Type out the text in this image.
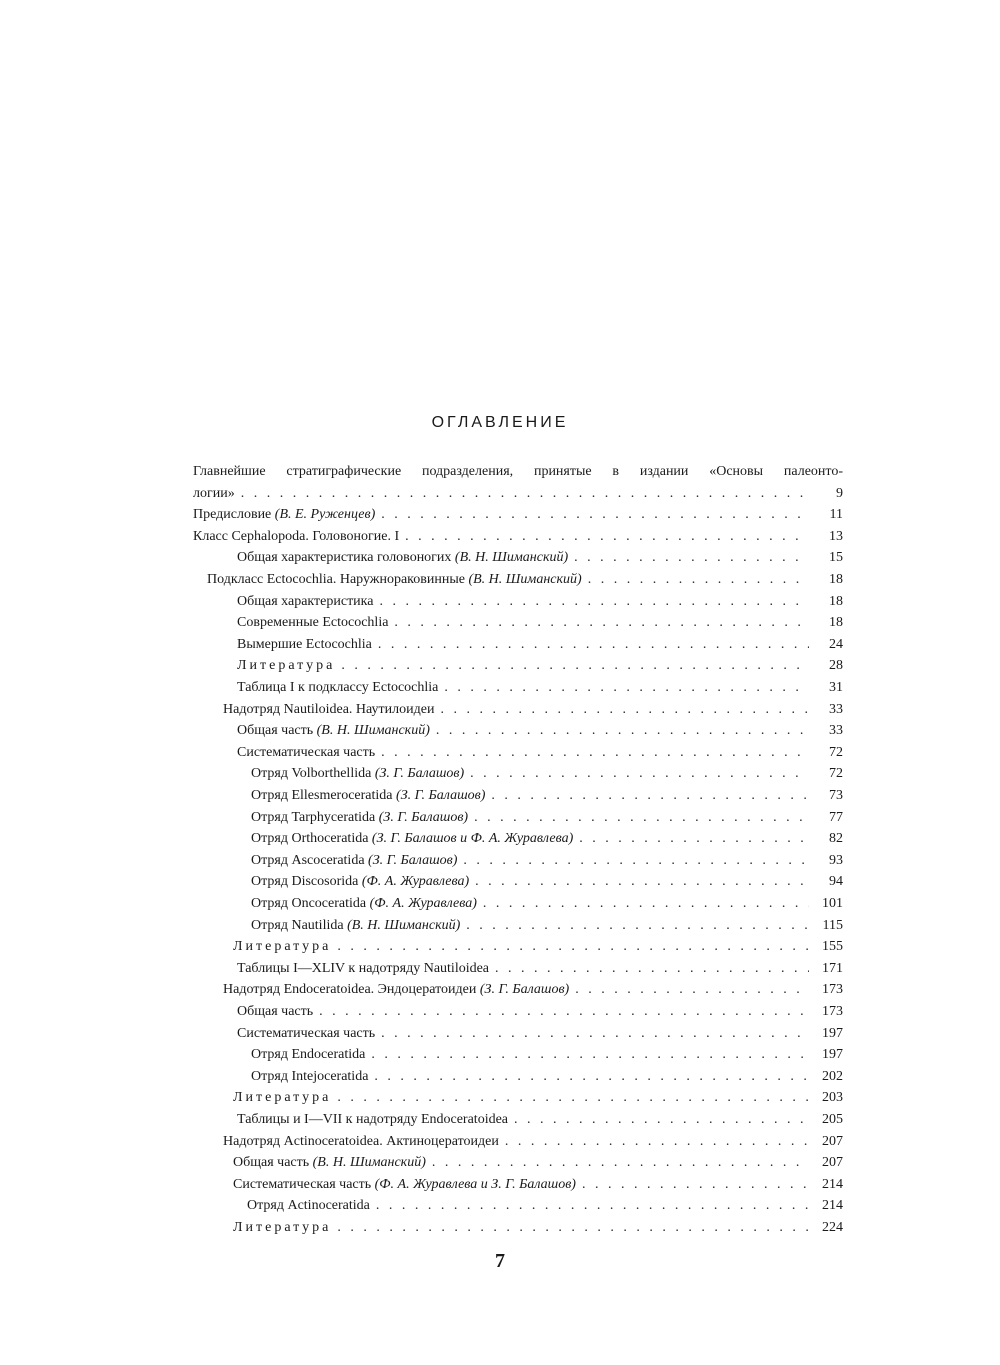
ОГЛАВЛЕНИЕ
Главнейшие стратиграфические подразделения, принятые в издании «Основы палеонто-
логии» . . .	9
Предисловие (В. Е. Руженцев) . . .	11
Класс Cephalopoda. Головоногие. I . . .	13
Общая характеристика головоногих (В. Н. Шиманский) . . .	15
Подкласс Ectocochlia. Наружнораковинные (В. Н. Шиманский) . . .	18
Общая характеристика . . .	18
Современные Ectocochlia . . .	18
Вымершие Ectocochlia . . .	24
Литература . . .	28
Таблица I к подклассу Ectocochlia . . .	31
Надотряд Nautiloidea. Наутилоидеи . . .	33
Общая часть (В. Н. Шиманский) . . .	33
Систематическая часть . . .	72
Отряд Volborthellida (З. Г. Балашов) . . .	72
Отряд Ellesmeroceratida (З. Г. Балашов) . . .	73
Отряд Tarphyceratida (З. Г. Балашов) . . .	77
Отряд Orthoceratida (З. Г. Балашов и Ф. А. Журавлева) . . .	82
Отряд Ascoceratida (З. Г. Балашов) . . .	93
Отряд Discosorida (Ф. А. Журавлева) . . .	94
Отряд Oncoceratida (Ф. А. Журавлева) . . .	101
Отряд Nautilida (В. Н. Шиманский) . . .	115
Литература . . .	155
Таблицы I—XLIV к надотряду Nautiloidea . . .	171
Надотряд Endoceratoidea. Эндоцератоидеи (З. Г. Балашов) . . .	173
Общая часть . . .	173
Систематическая часть . . .	197
Отряд Endoceratida . . .	197
Отряд Intejoceratida . . .	202
Литература . . .	203
Таблицы и I—VII к надотряду Endoceratoidea . . .	205
Надотряд Actinoceratoidea. Актиноцератоидеи . . .	207
Общая часть (В. Н. Шиманский) . . .	207
Систематическая часть (Ф. А. Журавлева и З. Г. Балашов) . . .	214
Отряд Actinoceratida . . .	214
Литература . . .	224
7
